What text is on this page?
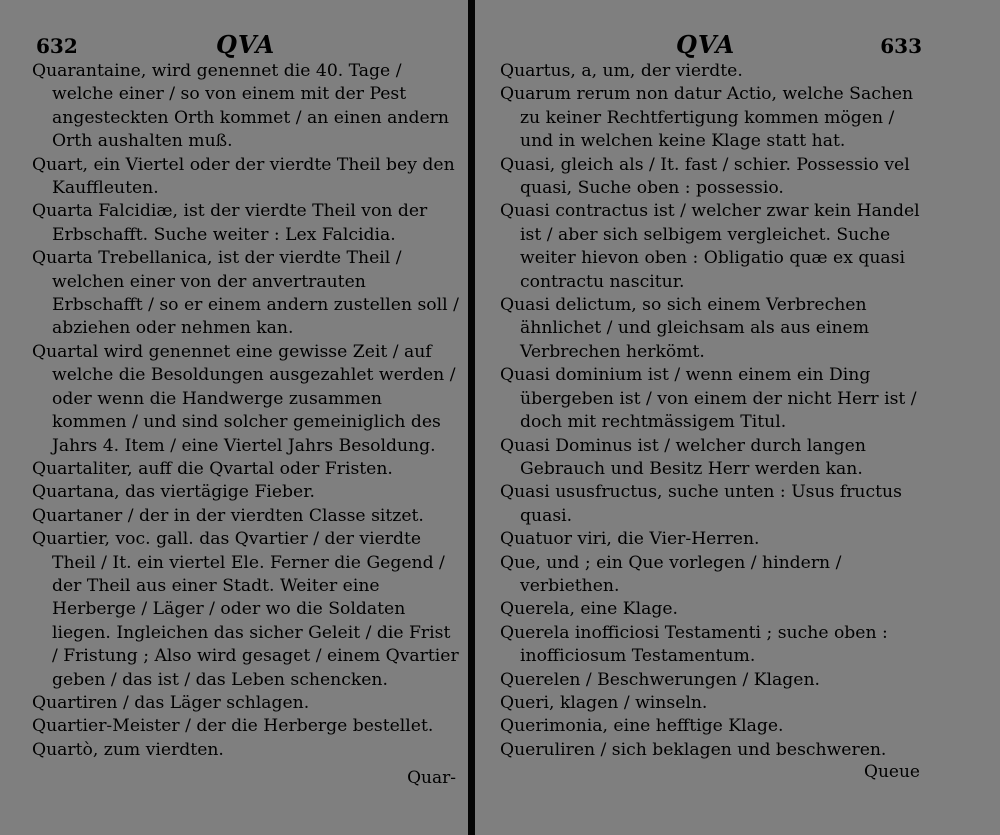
632	QVA

Quarantaine, wird genennet die 40. Tage / welche einer / so von einem mit der Pest angesteckten Orth kommet / an einen andern Orth aushalten muß.

Quart, ein Viertel oder der vierdte Theil bey den Kauffleuten.

Quarta Falcidiæ, ist der vierdte Theil von der Erbschafft. Suche weiter : Lex Falcidia.

Quarta Trebellanica, ist der vierdte Theil / welchen einer von der anvertrauten Erbschafft / so er einem andern zustellen soll / abziehen oder nehmen kan.

Quartal wird genennet eine gewisse Zeit / auf welche die Besoldungen ausgezahlet werden / oder wenn die Handwerge zusammen kommen / und sind solcher gemeiniglich des Jahrs 4. Item / eine Viertel Jahrs Besoldung.

Quartaliter, auff die Qvartal oder Fristen.

Quartana, das viertägige Fieber.

Quartaner / der in der vierdten Classe sitzet.

Quartier, voc. gall. das Qvartier / der vierdte Theil / It. ein viertel Ele. Ferner die Gegend / der Theil aus einer Stadt. Weiter eine Herberge / Läger / oder wo die Soldaten liegen. Ingleichen das sicher Geleit / die Frist / Fristung ; Also wird gesaget / einem Qvartier geben / das ist / das Leben schencken.

Quartiren / das Läger schlagen.

Quartier-Meister / der die Herberge bestellet.

Quartò, zum vierdten.

Quar-
QVA	633

Quartus, a, um, der vierdte.

Quarum rerum non datur Actio, welche Sachen zu keiner Rechtfertigung kommen mögen / und in welchen keine Klage statt hat.

Quasi, gleich als / It. fast / schier. Possessio vel quasi, Suche oben : possessio.

Quasi contractus ist / welcher zwar kein Handel ist / aber sich selbigem vergleichet. Suche weiter hievon oben : Obligatio quæ ex quasi contractu nascitur.

Quasi delictum, so sich einem Verbrechen ähnlichet / und gleichsam als aus einem Verbrechen herkömt.

Quasi dominium ist / wenn einem ein Ding übergeben ist / von einem der nicht Herr ist / doch mit rechtmässigem Titul.

Quasi Dominus ist / welcher durch langen Gebrauch und Besitz Herr werden kan.

Quasi ususfructus, suche unten : Usus fructus quasi.

Quatuor viri, die Vier-Herren.

Que, und ; ein Que vorlegen / hindern / verbiethen.

Querela, eine Klage.

Querela inofficiosi Testamenti ; suche oben : inofficiosum Testamentum.

Querelen / Beschwerungen / Klagen.

Queri, klagen / winseln.

Querimonia, eine hefftige Klage.

Queruliren / sich beklagen und beschweren.

Queue
